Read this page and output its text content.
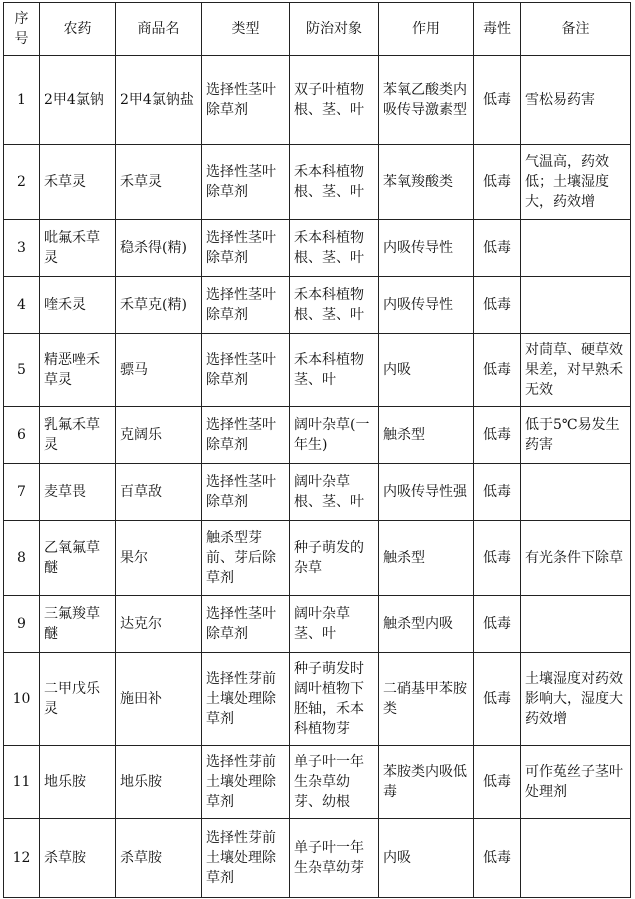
序号	农药	商品名	类型	防治对象	作用	毒性	备注
1	2甲4氯钠	2甲4氯钠盐	选择性茎叶除草剂	双子叶植物根、茎、叶	苯氧乙酸类内吸传导激素型	低毒	雪松易药害
2	禾草灵	禾草灵	选择性茎叶除草剂	禾本科植物根、茎、叶	苯氧羧酸类	低毒	气温高，药效低；土壤湿度大，药效增
3	吡氟禾草灵	稳杀得(精)	选择性茎叶除草剂	禾本科植物根、茎、叶	内吸传导性	低毒	
4	喹禾灵	禾草克(精)	选择性茎叶除草剂	禾本科植物根、茎、叶	内吸传导性	低毒	
5	精恶唑禾草灵	骠马	选择性茎叶除草剂	禾本科植物茎、叶	内吸	低毒	对茼草、硬草效果差，对早熟禾无效
6	乳氟禾草灵	克阔乐	选择性茎叶除草剂	阔叶杂草(一年生)	触杀型	低毒	低于5℃易发生药害
7	麦草畏	百草敌	选择性茎叶除草剂	阔叶杂草根、茎、叶	内吸传导性强	低毒	
8	乙氧氟草醚	果尔	触杀型芽前、芽后除草剂	种子萌发的杂草	触杀型	低毒	有光条件下除草
9	三氟羧草醚	达克尔	选择性茎叶除草剂	阔叶杂草茎、叶	触杀型内吸	低毒	
10	二甲戊乐灵	施田补	选择性芽前土壤处理除草剂	种子萌发时阔叶植物下胚轴，禾本科植物芽	二硝基甲苯胺类	低毒	土壤湿度对药效影响大，湿度大药效增
11	地乐胺	地乐胺	选择性芽前土壤处理除草剂	单子叶一年生杂草幼芽、幼根	苯胺类内吸低毒	低毒	可作菟丝子茎叶处理剂
12	杀草胺	杀草胺	选择性芽前土壤处理除草剂	单子叶一年生杂草幼芽	内吸	低毒	
